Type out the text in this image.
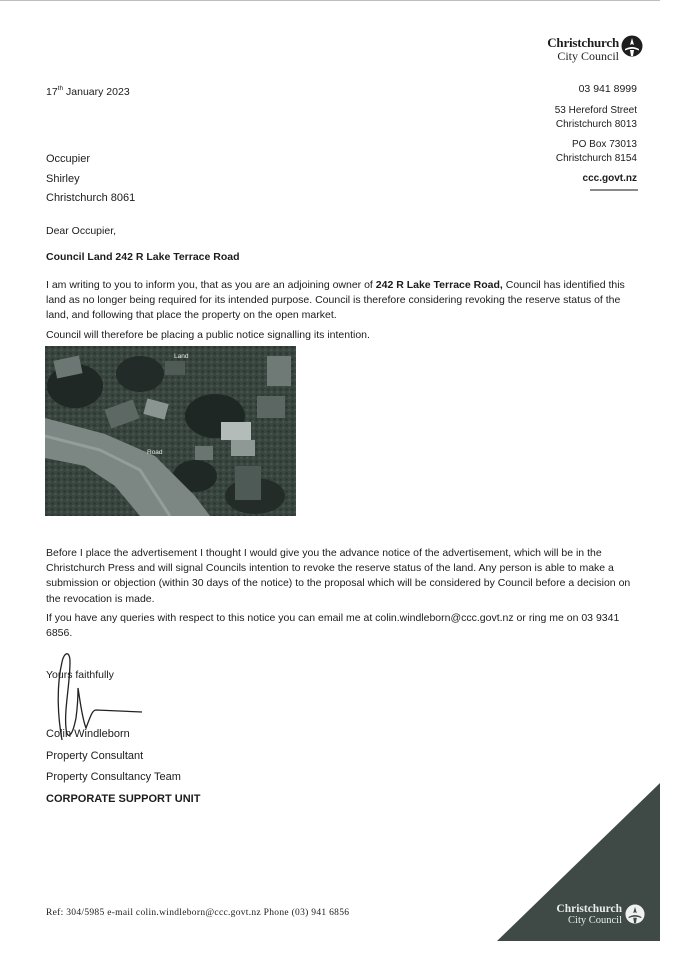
Christchurch
City Council
03 941 8999
53 Hereford Street
Christchurch 8013
PO Box 73013
Christchurch 8154
ccc.govt.nz
17th January 2023
Occupier
Shirley
Christchurch 8061
Dear Occupier,
Council Land 242 R Lake Terrace Road
I am writing to you to inform you, that as you are an adjoining owner of 242 R Lake Terrace Road, Council has identified this land as no longer being required for its intended purpose. Council is therefore considering revoking the reserve status of the land, and following that place the property on the open market.
Council will therefore be placing a public notice signalling its intention.
Land
Road
Before I place the advertisement I thought I would give you the advance notice of the advertisement, which will be in the Christchurch Press and will signal Councils intention to revoke the reserve status of the land. Any person is able to make a submission or objection (within 30 days of the notice) to the proposal which will be considered by Council before a decision on the revocation is made.
If you have any queries with respect to this notice you can email me at colin.windleborn@ccc.govt.nz or ring me on 03 9341 6856.
Yours faithfully
Colin Windleborn
Property Consultant
Property Consultancy Team
CORPORATE SUPPORT UNIT
Ref: 304/5985 e-mail colin.windleborn@ccc.govt.nz Phone (03) 941 6856	Christchurch
City Council
